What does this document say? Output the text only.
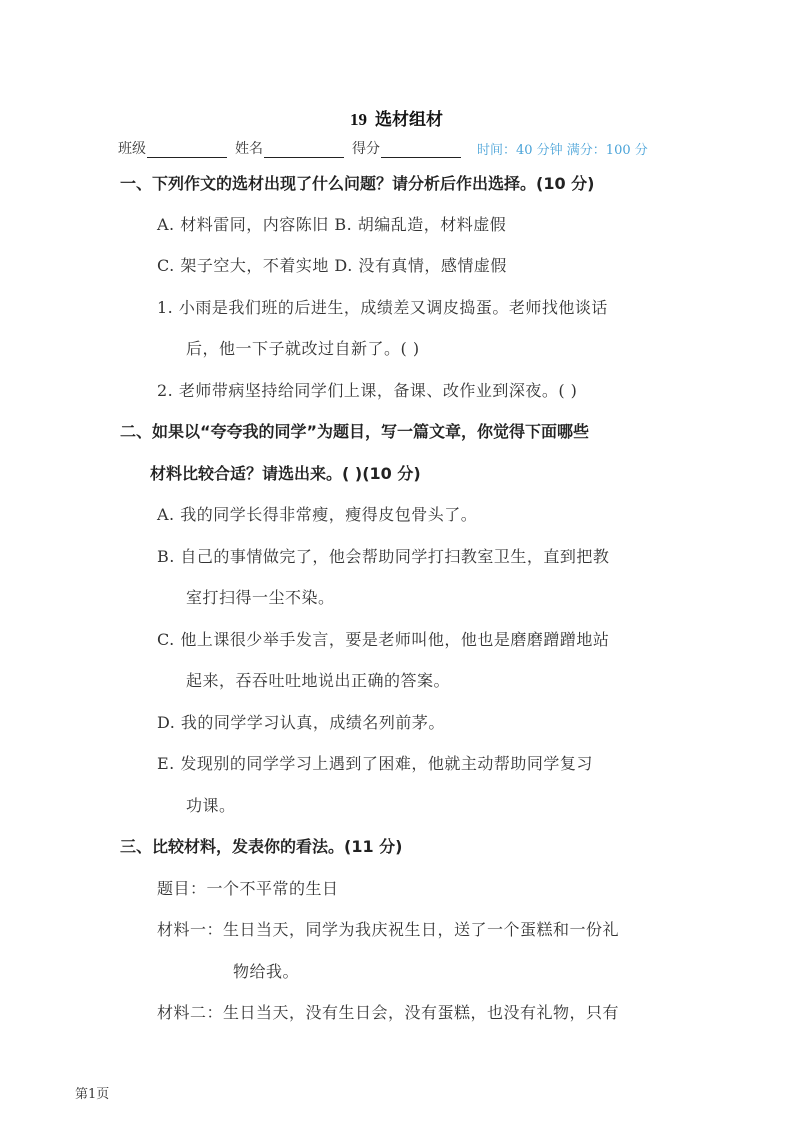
19 选材组材
班级	姓名	得分	时间：40 分钟 满分：100 分
一、下列作文的选材出现了什么问题？请分析后作出选择。(10 分)
A. 材料雷同，内容陈旧 B. 胡编乱造，材料虚假
C. 架子空大，不着实地 D. 没有真情，感情虚假
1. 小雨是我们班的后进生，成绩差又调皮捣蛋。老师找他谈话
后，他一下子就改过自新了。( )
2. 老师带病坚持给同学们上课，备课、改作业到深夜。( )
二、如果以“夸夸我的同学”为题目，写一篇文章，你觉得下面哪些
材料比较合适？请选出来。( )(10 分)
A. 我的同学长得非常瘦，瘦得皮包骨头了。
B. 自己的事情做完了，他会帮助同学打扫教室卫生，直到把教
室打扫得一尘不染。
C. 他上课很少举手发言，要是老师叫他，他也是磨磨蹭蹭地站
起来，吞吞吐吐地说出正确的答案。
D. 我的同学学习认真，成绩名列前茅。
E. 发现别的同学学习上遇到了困难，他就主动帮助同学复习
功课。
三、比较材料，发表你的看法。(11 分)
题目：一个不平常的生日
材料一：生日当天，同学为我庆祝生日，送了一个蛋糕和一份礼
物给我。
材料二：生日当天，没有生日会，没有蛋糕，也没有礼物，只有
第1页
